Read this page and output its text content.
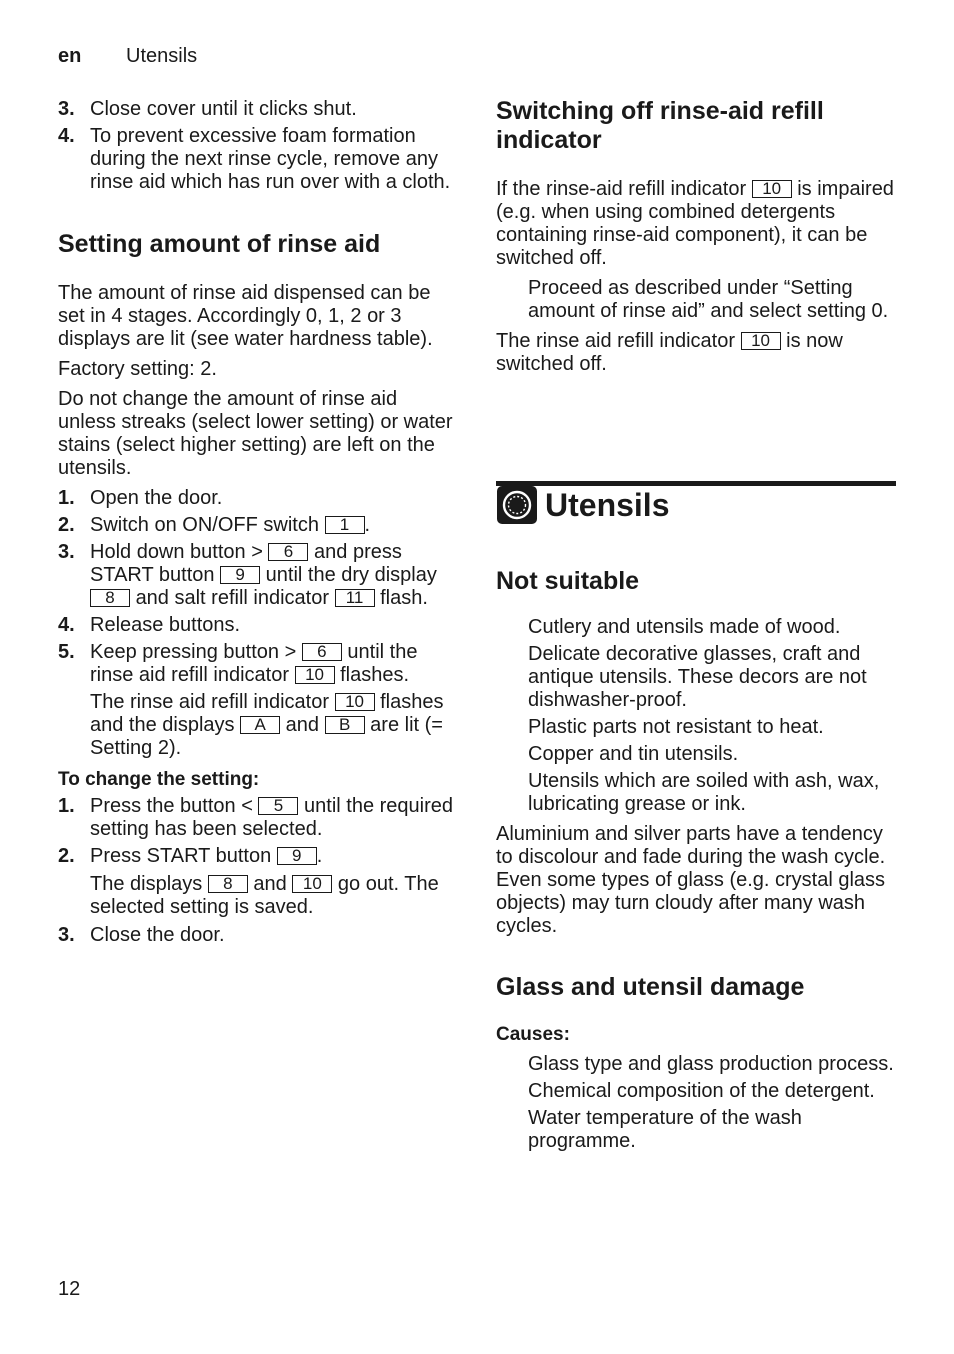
en Utensils
3. Close cover until it clicks shut.
4. To prevent excessive foam formation during the next rinse cycle, remove any rinse aid which has run over with a cloth.
Setting amount of rinse aid
The amount of rinse aid dispensed can be set in 4 stages. Accordingly 0, 1, 2 or 3 displays are lit (see water hardness table).
Factory setting: 2.
Do not change the amount of rinse aid unless streaks (select lower setting) or water stains (select higher setting) are left on the utensils.
1. Open the door.
2. Switch on ON/OFF switch 1 .
3. Hold down button > 6 and press START button 9 until the dry display 8 and salt refill indicator 11 flash.
4. Release buttons.
5. Keep pressing button > 6 until the rinse aid refill indicator 10 flashes.
The rinse aid refill indicator 10 flashes and the displays A and B are lit (= Setting 2).
To change the setting:
1. Press the button < 5 until the required setting has been selected.
2. Press START button 9 .
The displays 8 and 10 go out. The selected setting is saved.
3. Close the door.
Switching off rinse-aid refill indicator
If the rinse-aid refill indicator 10 is impaired (e.g. when using combined detergents containing rinse-aid component), it can be switched off.
Proceed as described under “Setting amount of rinse aid” and select setting 0.
The rinse aid refill indicator 10 is now switched off.
Utensils
Not suitable
Cutlery and utensils made of wood.
Delicate decorative glasses, craft and antique utensils. These decors are not dishwasher-proof.
Plastic parts not resistant to heat.
Copper and tin utensils.
Utensils which are soiled with ash, wax, lubricating grease or ink.
Aluminium and silver parts have a tendency to discolour and fade during the wash cycle. Even some types of glass (e.g. crystal glass objects) may turn cloudy after many wash cycles.
Glass and utensil damage
Causes:
Glass type and glass production process.
Chemical composition of the detergent.
Water temperature of the wash programme.
12
